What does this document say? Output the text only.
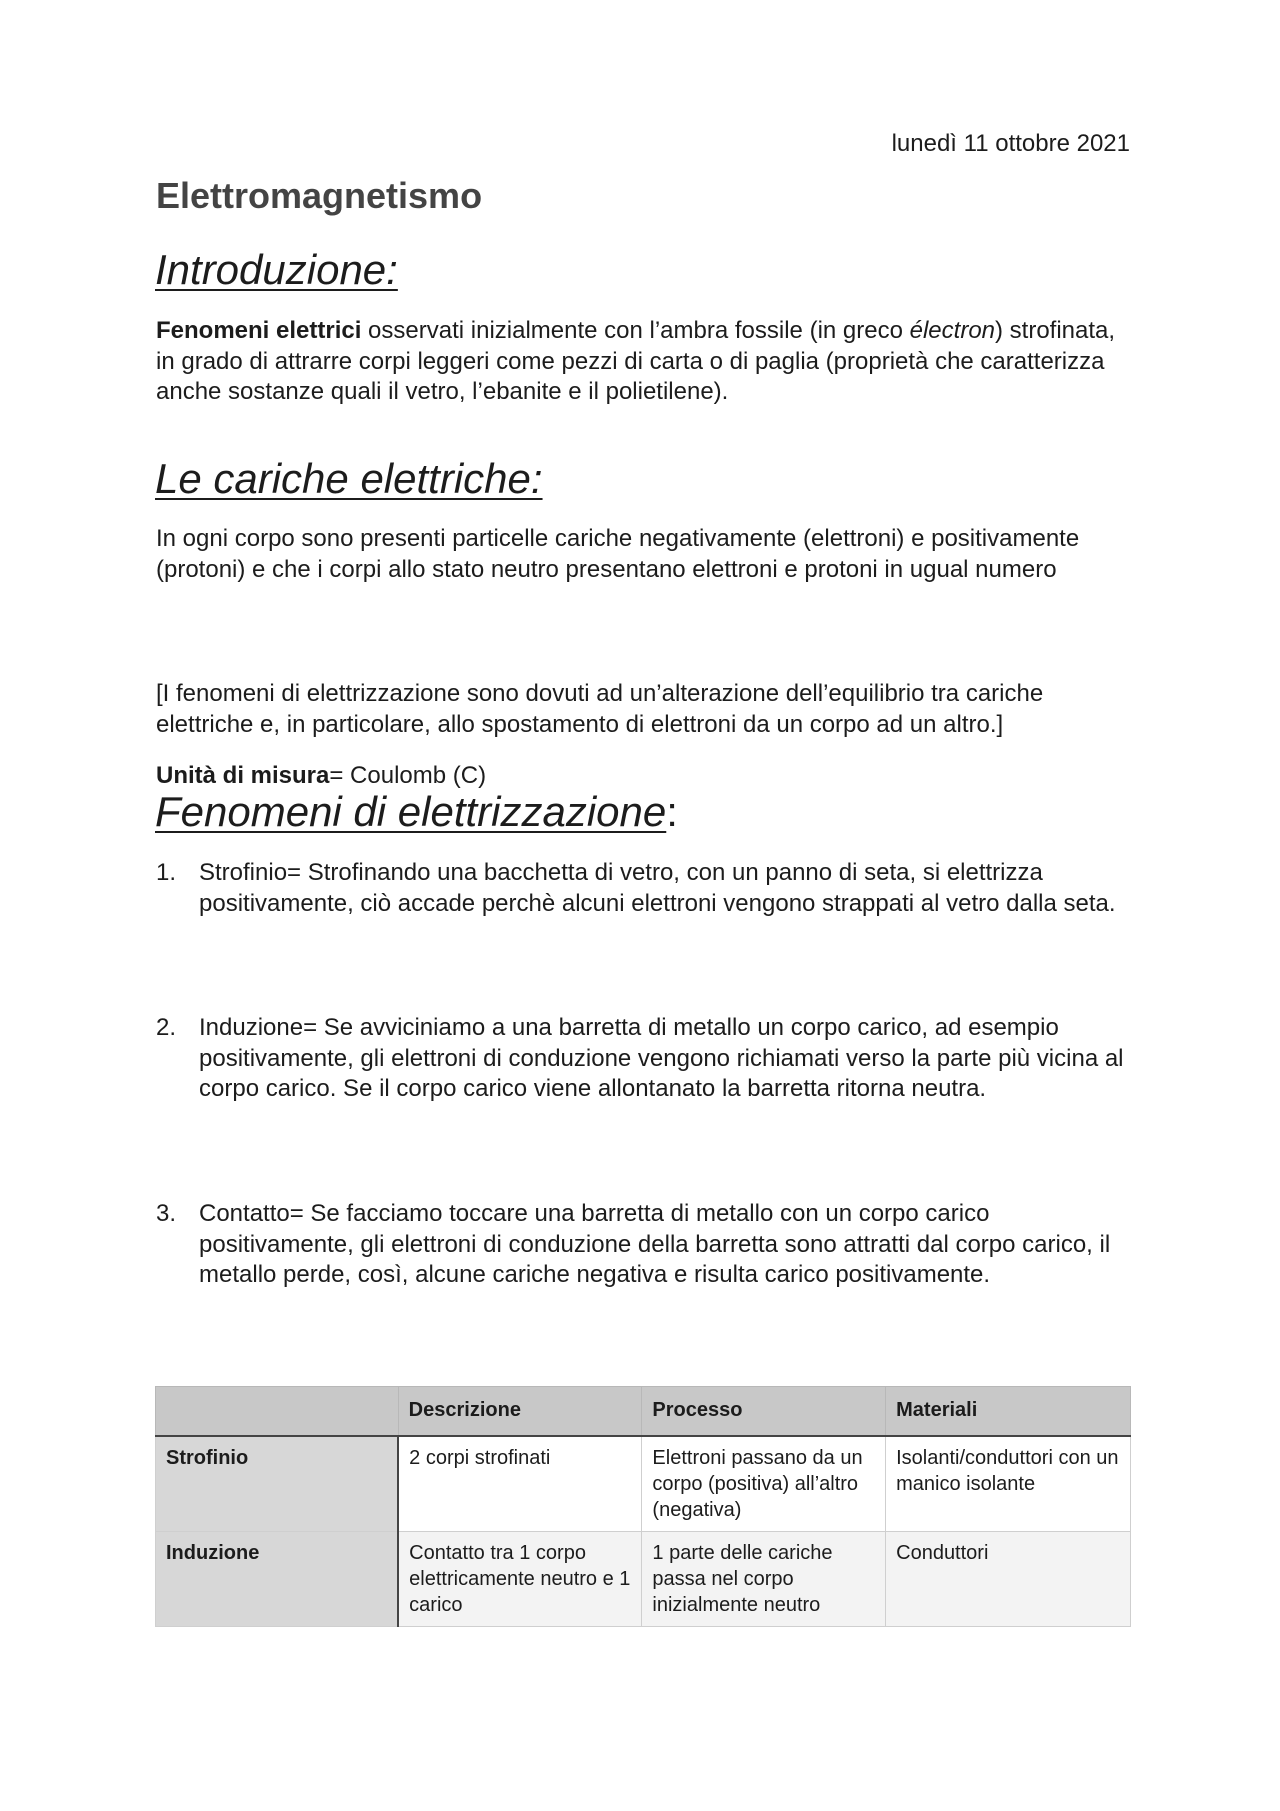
lunedì 11 ottobre 2021
Elettromagnetismo
Introduzione:

Fenomeni elettrici osservati inizialmente con l’ambra fossile (in greco électron) strofinata, in grado di attrarre corpi leggeri come pezzi di carta o di paglia (proprietà che caratterizza anche sostanze quali il vetro, l’ebanite e il polietilene).

Le cariche elettriche:

In ogni corpo sono presenti particelle cariche negativamente (elettroni) e positivamente (protoni) e che i corpi allo stato neutro presentano elettroni e protoni in ugual numero

[I fenomeni di elettrizzazione sono dovuti ad un’alterazione dell’equilibrio tra cariche elettriche e, in particolare, allo spostamento di elettroni da un corpo ad un altro.]

Unità di misura= Coulomb (C)

Fenomeni di elettrizzazione:
1. Strofinio= Strofinando una bacchetta di vetro, con un panno di seta, si elettrizza positivamente, ciò accade perchè alcuni elettroni vengono strappati al vetro dalla seta.
2. Induzione= Se avviciniamo a una barretta di metallo un corpo carico, ad esempio positivamente, gli elettroni di conduzione vengono richiamati verso la parte più vicina al corpo carico. Se il corpo carico viene allontanato la barretta ritorna neutra.
3. Contatto= Se facciamo toccare una barretta di metallo con un corpo carico positivamente, gli elettroni di conduzione della barretta sono attratti dal corpo carico, il metallo perde, così, alcune cariche negativa e risulta carico positivamente.
	Descrizione	Processo	Materiali
Strofinio	2 corpi strofinati	Elettroni passano da un corpo (positiva) all’altro (negativa)	Isolanti/conduttori con un manico isolante
Induzione	Contatto tra 1 corpo elettricamente neutro e 1 carico	1 parte delle cariche passa nel corpo inizialmente neutro	Conduttori
